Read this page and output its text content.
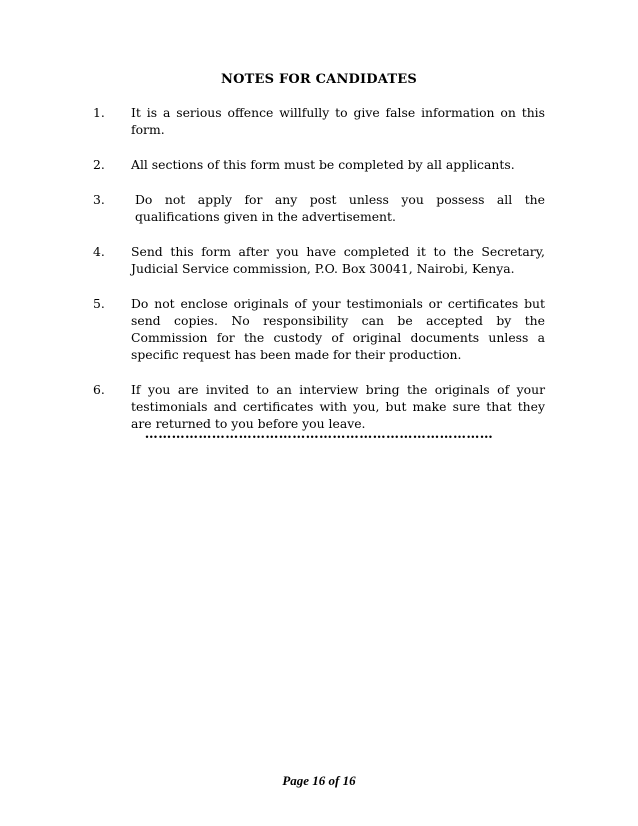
NOTES FOR CANDIDATES
1.	It is a serious offence willfully to give false information on this form.
2.	All sections of this form must be completed by all applicants.
3.	Do not apply for any post unless you possess all the qualifications given in the advertisement.
4.	Send this form after you have completed it to the Secretary, Judicial Service commission, P.O. Box 30041, Nairobi, Kenya.
5.	Do not enclose originals of your testimonials or certificates but send copies. No responsibility can be accepted by the Commission for the custody of original documents unless a specific request has been made for their production.
6.	If you are invited to an interview bring the originals of your testimonials and certificates with you, but make sure that they are returned to you before you leave.
……………………………………………………………………
Page 16 of 16
